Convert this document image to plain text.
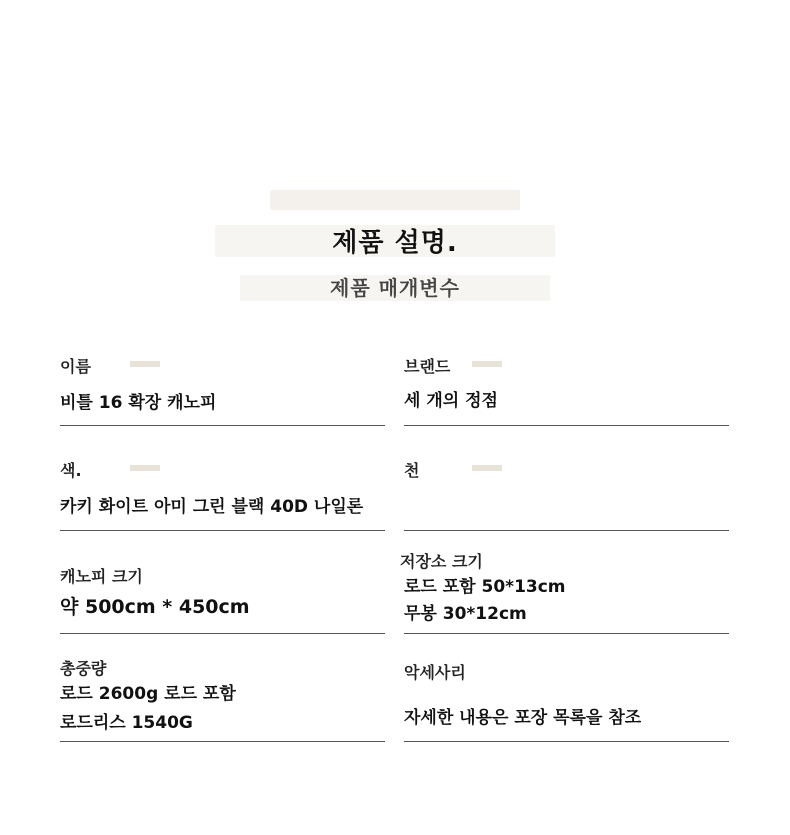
제품 설명.
제품 매개변수
이름
비틀 16 확장 캐노피
브랜드
세 개의 정점
색.
카키 화이트 아미 그린 블랙 40D 나일론
천
캐노피 크기
약 500cm * 450cm
저장소 크기
로드 포함 50*13cm
무봉 30*12cm
총중량
로드 2600g 로드 포함
로드리스 1540G
악세사리
자세한 내용은 포장 목록을 참조
